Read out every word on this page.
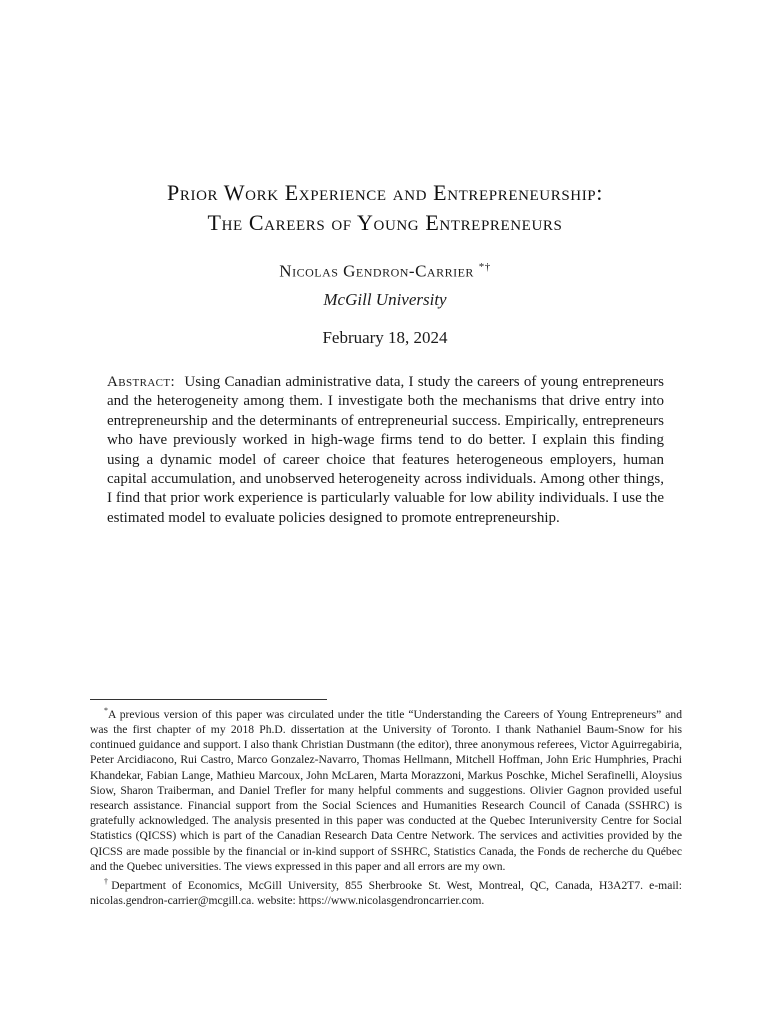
Prior Work Experience and Entrepreneurship:
The Careers of Young Entrepreneurs
Nicolas Gendron-Carrier *†
McGill University
February 18, 2024
Abstract: Using Canadian administrative data, I study the careers of young entrepreneurs and the heterogeneity among them. I investigate both the mechanisms that drive entry into entrepreneurship and the determinants of entrepreneurial success. Empirically, entrepreneurs who have previously worked in high-wage firms tend to do better. I explain this finding using a dynamic model of career choice that features heterogeneous employers, human capital accumulation, and unobserved heterogeneity across individuals. Among other things, I find that prior work experience is particularly valuable for low ability individuals. I use the estimated model to evaluate policies designed to promote entrepreneurship.

*A previous version of this paper was circulated under the title “Understanding the Careers of Young Entrepreneurs” and was the first chapter of my 2018 Ph.D. dissertation at the University of Toronto. I thank Nathaniel Baum-Snow for his continued guidance and support. I also thank Christian Dustmann (the editor), three anonymous referees, Victor Aguirregabiria, Peter Arcidiacono, Rui Castro, Marco Gonzalez-Navarro, Thomas Hellmann, Mitchell Hoffman, John Eric Humphries, Prachi Khandekar, Fabian Lange, Mathieu Marcoux, John McLaren, Marta Morazzoni, Markus Poschke, Michel Serafinelli, Aloysius Siow, Sharon Traiberman, and Daniel Trefler for many helpful comments and suggestions. Olivier Gagnon provided useful research assistance. Financial support from the Social Sciences and Humanities Research Council of Canada (SSHRC) is gratefully acknowledged. The analysis presented in this paper was conducted at the Quebec Interuniversity Centre for Social Statistics (QICSS) which is part of the Canadian Research Data Centre Network. The services and activities provided by the QICSS are made possible by the financial or in-kind support of SSHRC, Statistics Canada, the Fonds de recherche du Québec and the Quebec universities. The views expressed in this paper and all errors are my own.

†Department of Economics, McGill University, 855 Sherbrooke St. West, Montreal, QC, Canada, H3A2T7. e-mail: nicolas.gendron-carrier@mcgill.ca. website: https://www.nicolasgendroncarrier.com.
